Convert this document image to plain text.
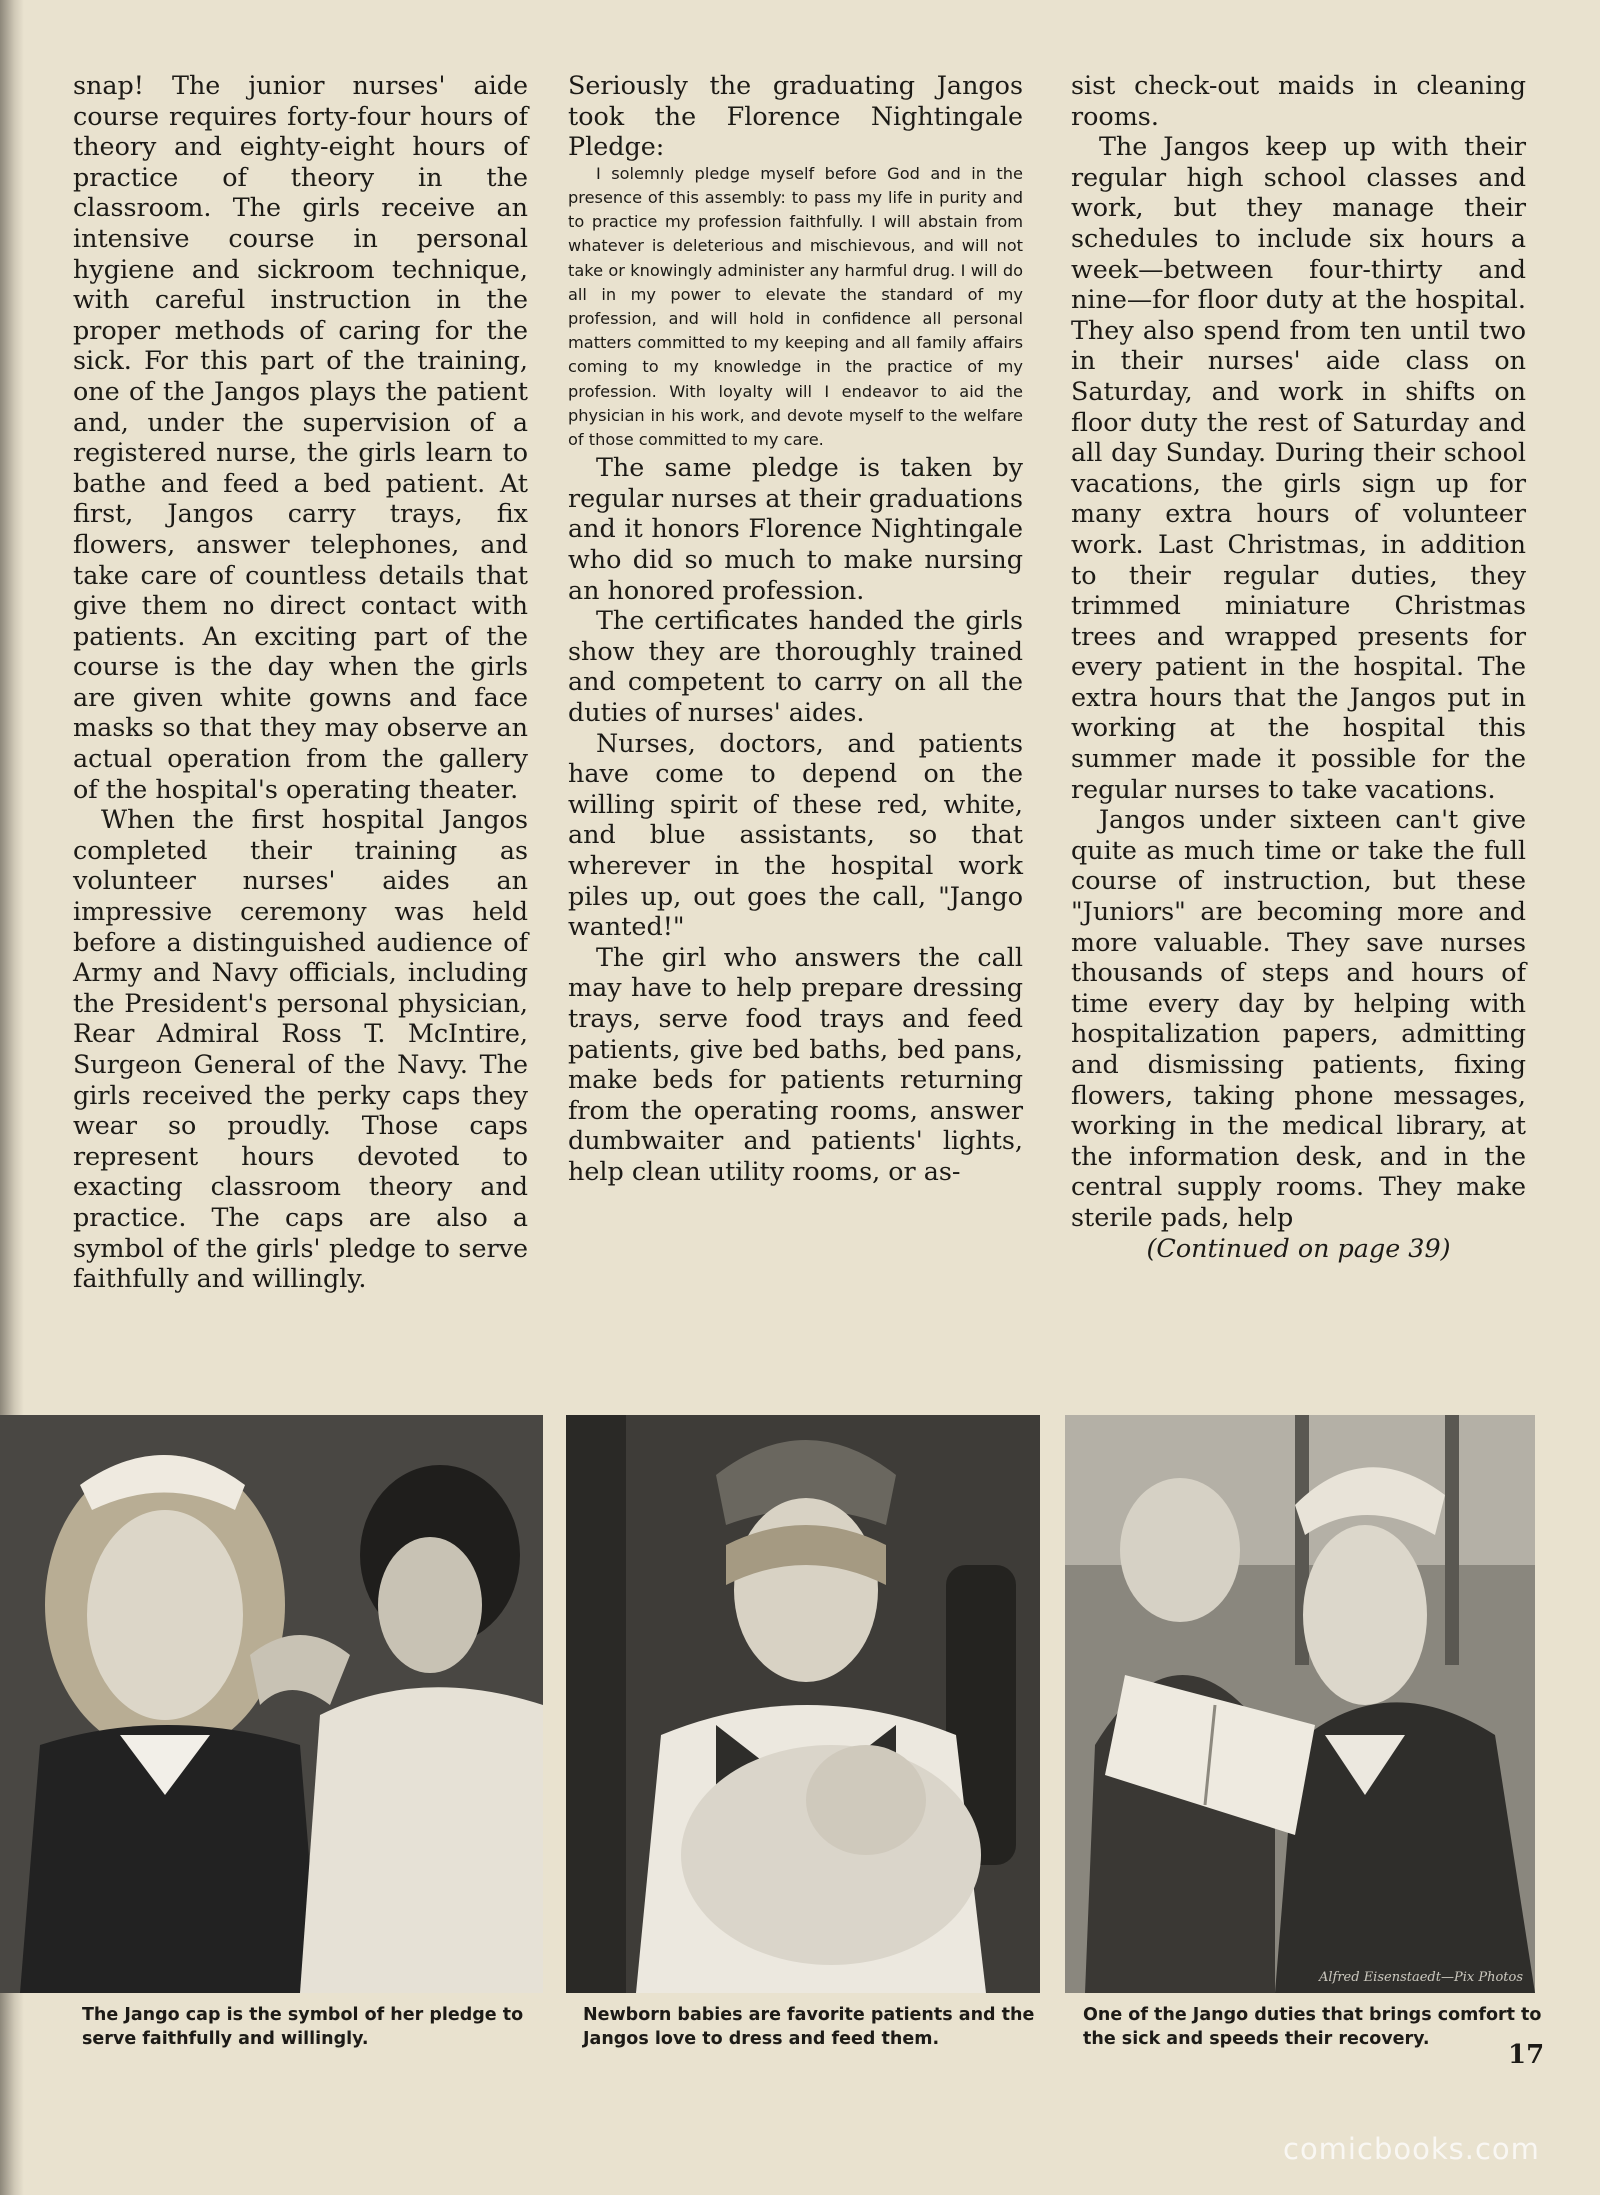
snap! The junior nurses' aide course requires forty-four hours of theory and eighty-eight hours of practice of theory in the classroom. The girls receive an intensive course in personal hygiene and sickroom technique, with careful instruction in the proper methods of caring for the sick. For this part of the training, one of the Jangos plays the patient and, under the supervision of a registered nurse, the girls learn to bathe and feed a bed patient. At first, Jangos carry trays, fix flowers, answer telephones, and take care of countless details that give them no direct contact with patients. An exciting part of the course is the day when the girls are given white gowns and face masks so that they may observe an actual operation from the gallery of the hospital's operating theater.

When the first hospital Jangos completed their training as volunteer nurses' aides an impressive ceremony was held before a distinguished audience of Army and Navy officials, including the President's personal physician, Rear Admiral Ross T. McIntire, Surgeon General of the Navy. The girls received the perky caps they wear so proudly. Those caps represent hours devoted to exacting classroom theory and practice. The caps are also a symbol of the girls' pledge to serve faithfully and willingly.

Seriously the graduating Jangos took the Florence Nightingale Pledge:

I solemnly pledge myself before God and in the presence of this assembly: to pass my life in purity and to practice my profession faithfully. I will abstain from whatever is deleterious and mischievous, and will not take or knowingly administer any harmful drug. I will do all in my power to elevate the standard of my profession, and will hold in confidence all personal matters committed to my keeping and all family affairs coming to my knowledge in the practice of my profession. With loyalty will I endeavor to aid the physician in his work, and devote myself to the welfare of those committed to my care.

The same pledge is taken by regular nurses at their graduations and it honors Florence Nightingale who did so much to make nursing an honored profession.

The certificates handed the girls show they are thoroughly trained and competent to carry on all the duties of nurses' aides.

Nurses, doctors, and patients have come to depend on the willing spirit of these red, white, and blue assistants, so that wherever in the hospital work piles up, out goes the call, "Jango wanted!"

The girl who answers the call may have to help prepare dressing trays, serve food trays and feed patients, give bed baths, bed pans, make beds for patients returning from the operating rooms, answer dumbwaiter and patients' lights, help clean utility rooms, or as-

sist check-out maids in cleaning rooms.

The Jangos keep up with their regular high school classes and work, but they manage their schedules to include six hours a week—between four-thirty and nine—for floor duty at the hospital. They also spend from ten until two in their nurses' aide class on Saturday, and work in shifts on floor duty the rest of Saturday and all day Sunday. During their school vacations, the girls sign up for many extra hours of volunteer work. Last Christmas, in addition to their regular duties, they trimmed miniature Christmas trees and wrapped presents for every patient in the hospital. The extra hours that the Jangos put in working at the hospital this summer made it possible for the regular nurses to take vacations.

Jangos under sixteen can't give quite as much time or take the full course of instruction, but these "Juniors" are becoming more and more valuable. They save nurses thousands of steps and hours of time every day by helping with hospitalization papers, admitting and dismissing patients, fixing flowers, taking phone messages, working in the medical library, at the information desk, and in the central supply rooms. They make sterile pads, help

(Continued on page 39)

Alfred Eisenstaedt—Pix Photos
The Jango cap is the symbol of her pledge to serve faithfully and willingly.
Newborn babies are favorite patients and the Jangos love to dress and feed them.
One of the Jango duties that brings comfort to the sick and speeds their recovery.
17
comicbooks.com
